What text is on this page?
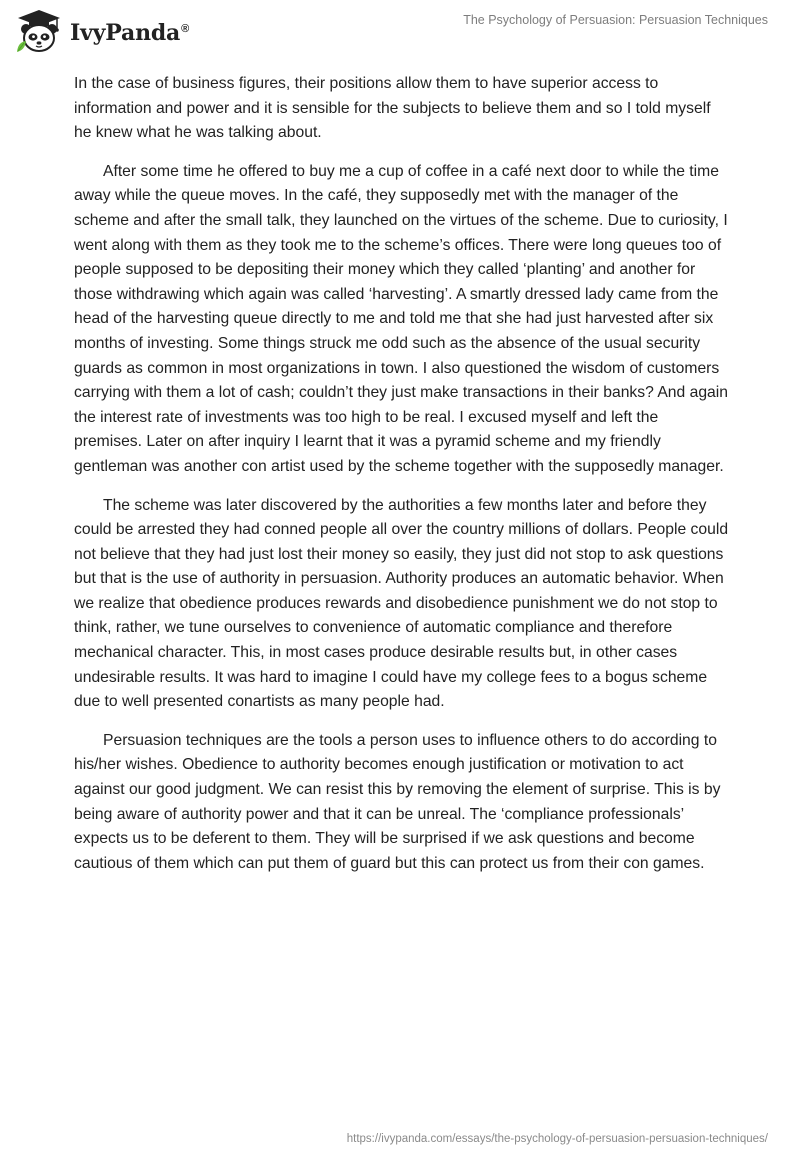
IvyPanda®
The Psychology of Persuasion: Persuasion Techniques

In the case of business figures, their positions allow them to have superior access to information and power and it is sensible for the subjects to believe them and so I told myself he knew what he was talking about.

After some time he offered to buy me a cup of coffee in a café next door to while the time away while the queue moves. In the café, they supposedly met with the manager of the scheme and after the small talk, they launched on the virtues of the scheme. Due to curiosity, I went along with them as they took me to the scheme’s offices. There were long queues too of people supposed to be depositing their money which they called ‘planting’ and another for those withdrawing which again was called ‘harvesting’. A smartly dressed lady came from the head of the harvesting queue directly to me and told me that she had just harvested after six months of investing. Some things struck me odd such as the absence of the usual security guards as common in most organizations in town. I also questioned the wisdom of customers carrying with them a lot of cash; couldn’t they just make transactions in their banks? And again the interest rate of investments was too high to be real. I excused myself and left the premises. Later on after inquiry I learnt that it was a pyramid scheme and my friendly gentleman was another con artist used by the scheme together with the supposedly manager.

The scheme was later discovered by the authorities a few months later and before they could be arrested they had conned people all over the country millions of dollars. People could not believe that they had just lost their money so easily, they just did not stop to ask questions but that is the use of authority in persuasion. Authority produces an automatic behavior. When we realize that obedience produces rewards and disobedience punishment we do not stop to think, rather, we tune ourselves to convenience of automatic compliance and therefore mechanical character. This, in most cases produce desirable results but, in other cases undesirable results. It was hard to imagine I could have my college fees to a bogus scheme due to well presented conartists as many people had.

Persuasion techniques are the tools a person uses to influence others to do according to his/her wishes. Obedience to authority becomes enough justification or motivation to act against our good judgment. We can resist this by removing the element of surprise. This is by being aware of authority power and that it can be unreal. The ‘compliance professionals’ expects us to be deferent to them. They will be surprised if we ask questions and become cautious of them which can put them of guard but this can protect us from their con games.

https://ivypanda.com/essays/the-psychology-of-persuasion-persuasion-techniques/
